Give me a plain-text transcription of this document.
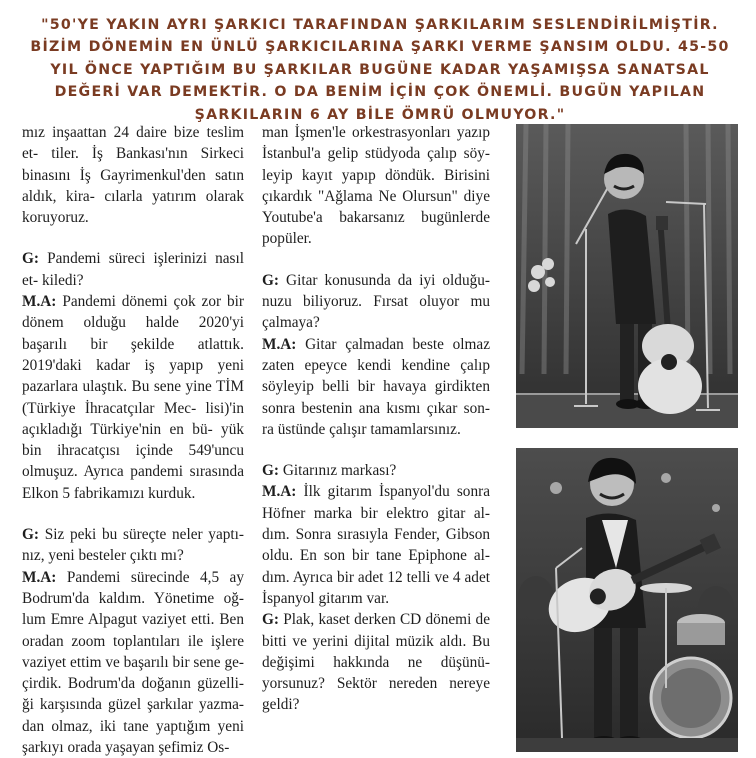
"50'YE YAKIN AYRI ŞARKICI TARAFINDAN ŞARKILARIM SESLENDİRİLMİŞTİR. BİZİM DÖNEMİN EN ÜNLÜ ŞARKICILARINA ŞARKI VERME ŞANSIM OLDU. 45-50 YIL ÖNCE YAPTIĞIM BU ŞARKILAR BUGÜNE KADAR YAŞAMIŞSA SANATSAL DEĞERİ VAR DEMEKTİR. O DA BENİM İÇİN ÇOK ÖNEMLİ. BUGÜN YAPILAN ŞARKILARIN 6 AY BİLE ÖMRÜ OLMUYOR."

mız inşaattan 24 daire bize teslim et- tiler. İş Bankası'nın Sirkeci binasını İş Gayrimenkul'den satın aldık, kira- cılarla yatırım olarak koruyoruz.

G: Pandemi süreci işlerinizi nasıl et- kiledi?

M.A: Pandemi dönemi çok zor bir dönem olduğu halde 2020'yi başarılı bir şekilde atlattık. 2019'daki kadar iş yapıp yeni pazarlara ulaştık. Bu sene yine TİM (Türkiye İhracatçılar Mec- lisi)'in açıkladığı Türkiye'nin en bü- yük bin ihracatçısı içinde 549'uncu olmuşuz. Ayrıca pandemi sırasında Elkon 5 fabrikamızı kurduk.

G: Siz peki bu süreçte neler yaptı- nız, yeni besteler çıktı mı?

M.A: Pandemi sürecinde 4,5 ay Bodrum'da kaldım. Yönetime oğ- lum Emre Alpagut vaziyet etti. Ben oradan zoom toplantıları ile işlere vaziyet ettim ve başarılı bir sene ge- çirdik. Bodrum'da doğanın güzelli- ği karşısında güzel şarkılar yazma- dan olmaz, iki tane yaptığım yeni şarkıyı orada yaşayan şefimiz Os-

man İşmen'le orkestrasyonları yazıp İstanbul'a gelip stüdyoda çalıp söy- leyip kayıt yapıp döndük. Birisini çıkardık "Ağlama Ne Olursun" diye Youtube'a bakarsanız bugünlerde popüler.

G: Gitar konusunda da iyi olduğu- nuzu biliyoruz. Fırsat oluyor mu çalmaya?

M.A: Gitar çalmadan beste olmaz zaten epeyce kendi kendine çalıp söyleyip belli bir havaya girdikten sonra bestenin ana kısmı çıkar son- ra üstünde çalışır tamamlarsınız.

G: Gitarınız markası?

M.A: İlk gitarım İspanyol'du sonra Höfner marka bir elektro gitar al- dım. Sonra sırasıyla Fender, Gibson oldu. En son bir tane Epiphone al- dım. Ayrıca bir adet 12 telli ve 4 adet İspanyol gitarım var.

G: Plak, kaset derken CD dönemi de bitti ve yerini dijital müzik aldı. Bu değişimi hakkında ne düşünü- yorsunuz? Sektör nereden nereye geldi?
